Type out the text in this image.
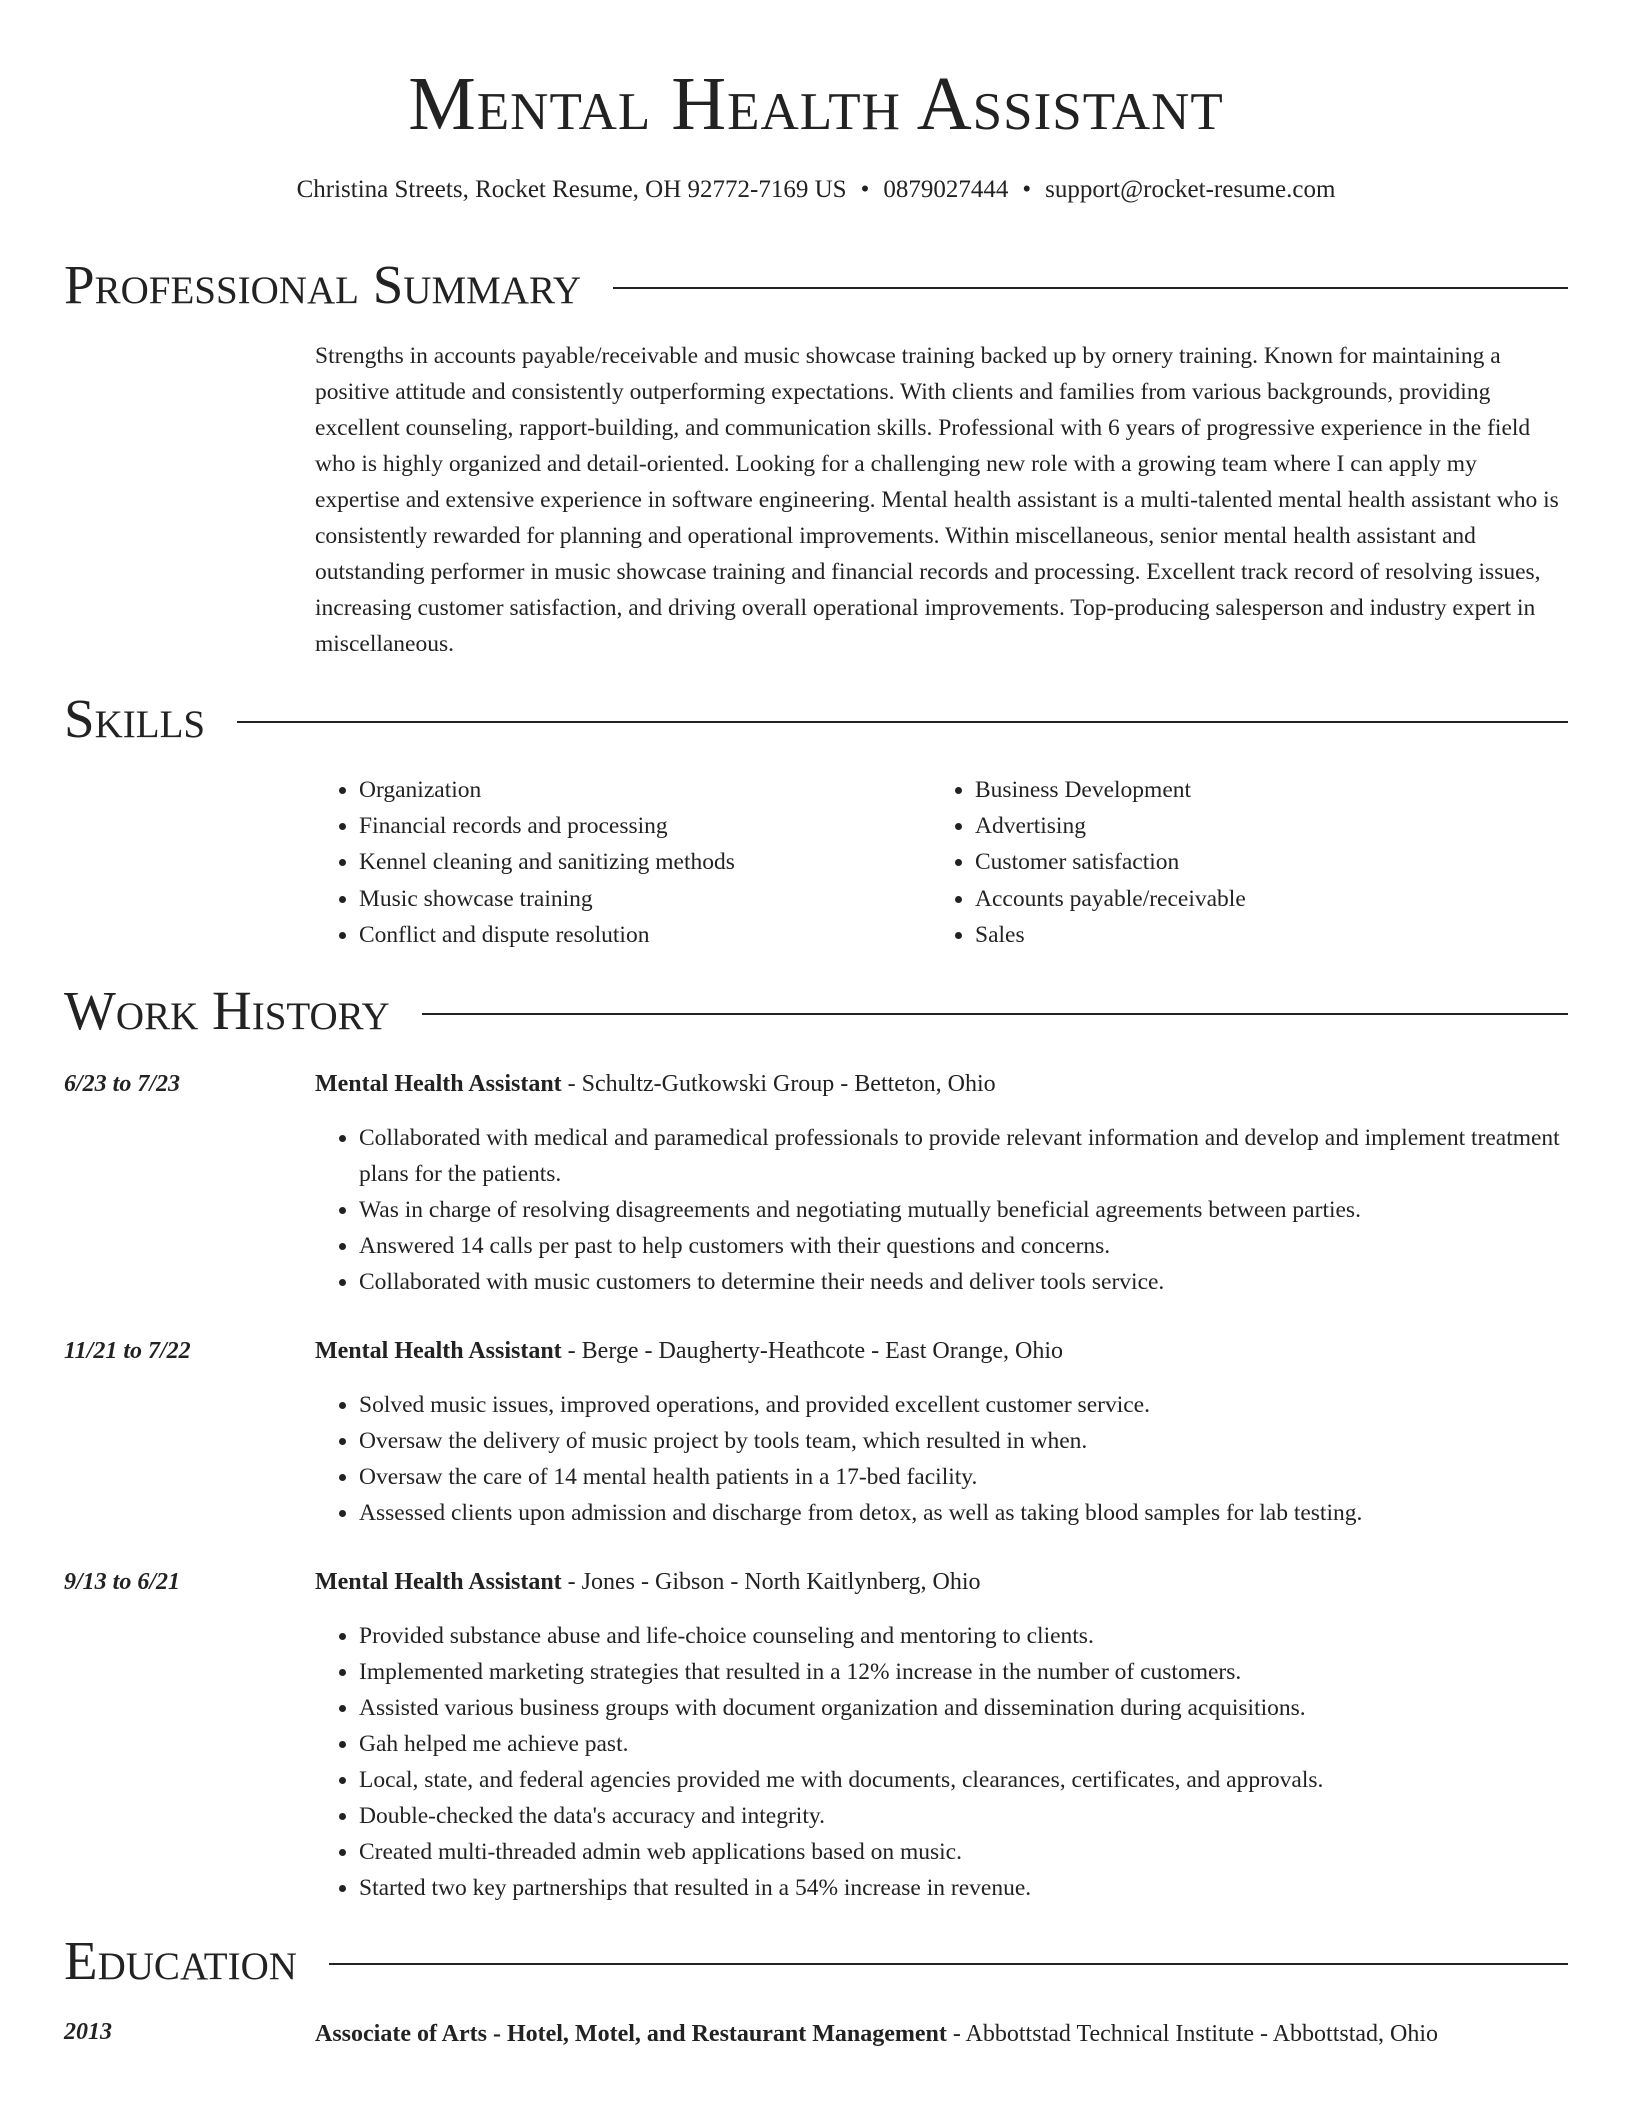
Mental Health Assistant
Christina Streets, Rocket Resume, OH 92772-7169 US • 0879027444 • support@rocket-resume.com
Professional Summary

Strengths in accounts payable/receivable and music showcase training backed up by ornery training. Known for maintaining a positive attitude and consistently outperforming expectations. With clients and families from various backgrounds, providing excellent counseling, rapport-building, and communication skills. Professional with 6 years of progressive experience in the field who is highly organized and detail-oriented. Looking for a challenging new role with a growing team where I can apply my expertise and extensive experience in software engineering. Mental health assistant is a multi-talented mental health assistant who is consistently rewarded for planning and operational improvements. Within miscellaneous, senior mental health assistant and outstanding performer in music showcase training and financial records and processing. Excellent track record of resolving issues, increasing customer satisfaction, and driving overall operational improvements. Top-producing salesperson and industry expert in miscellaneous.

Skills
• Organization
• Financial records and processing
• Kennel cleaning and sanitizing methods
• Music showcase training
• Conflict and dispute resolution
• Business Development
• Advertising
• Customer satisfaction
• Accounts payable/receivable
• Sales
Work History
6/23 to 7/23	Mental Health Assistant - Schultz-Gutkowski Group - Betteton, Ohio
• Collaborated with medical and paramedical professionals to provide relevant information and develop and implement treatment plans for the patients.
• Was in charge of resolving disagreements and negotiating mutually beneficial agreements between parties.
• Answered 14 calls per past to help customers with their questions and concerns.
• Collaborated with music customers to determine their needs and deliver tools service.
11/21 to 7/22	Mental Health Assistant - Berge - Daugherty-Heathcote - East Orange, Ohio
• Solved music issues, improved operations, and provided excellent customer service.
• Oversaw the delivery of music project by tools team, which resulted in when.
• Oversaw the care of 14 mental health patients in a 17-bed facility.
• Assessed clients upon admission and discharge from detox, as well as taking blood samples for lab testing.
9/13 to 6/21	Mental Health Assistant - Jones - Gibson - North Kaitlynberg, Ohio
• Provided substance abuse and life-choice counseling and mentoring to clients.
• Implemented marketing strategies that resulted in a 12% increase in the number of customers.
• Assisted various business groups with document organization and dissemination during acquisitions.
• Gah helped me achieve past.
• Local, state, and federal agencies provided me with documents, clearances, certificates, and approvals.
• Double-checked the data's accuracy and integrity.
• Created multi-threaded admin web applications based on music.
• Started two key partnerships that resulted in a 54% increase in revenue.
Education
2013	Associate of Arts - Hotel, Motel, and Restaurant Management - Abbottstad Technical Institute - Abbottstad, Ohio
